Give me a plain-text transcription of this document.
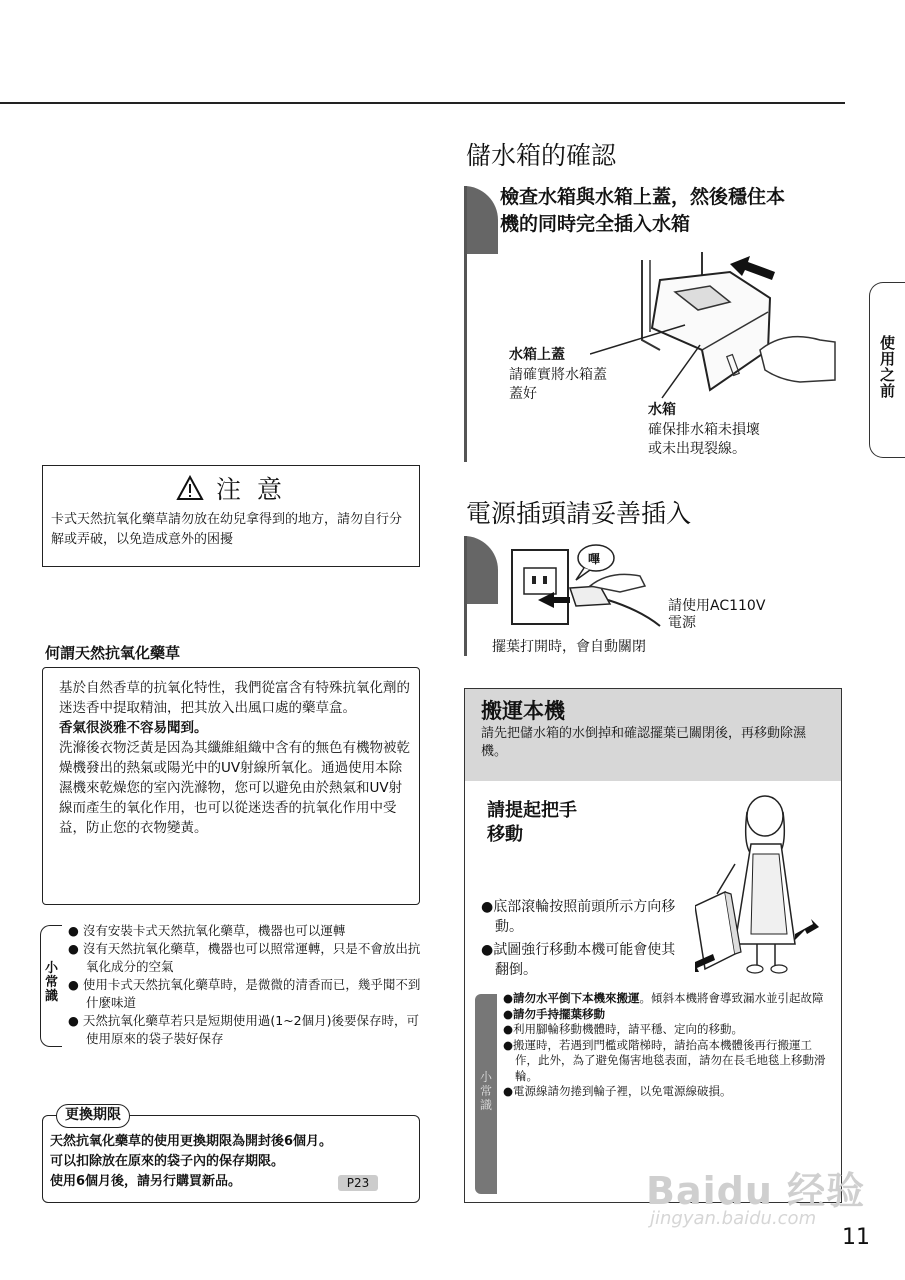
使用之前
注 意
卡式天然抗氧化藥草請勿放在幼兒拿得到的地方，請勿自行分解或弄破，以免造成意外的困擾
何謂天然抗氧化藥草
基於自然香草的抗氧化特性，我們從富含有特殊抗氧化劑的迷迭香中提取精油，把其放入出風口處的藥草盒。
香氣很淡雅不容易聞到。
洗滌後衣物泛黃是因為其纖維組織中含有的無色有機物被乾燥機發出的熱氣或陽光中的UV射線所氧化。通過使用本除濕機來乾燥您的室內洗滌物，您可以避免由於熱氣和UV射線而產生的氧化作用，也可以從迷迭香的抗氧化作用中受益，防止您的衣物變黃。
小常識
● 沒有安裝卡式天然抗氧化藥草，機器也可以運轉
● 沒有天然抗氧化藥草，機器也可以照常運轉，只是不會放出抗氧化成分的空氣
● 使用卡式天然抗氧化藥草時，是微微的清香而已，幾乎聞不到什麼味道
● 天然抗氧化藥草若只是短期使用過(1~2個月)後要保存時，可使用原來的袋子裝好保存
更換期限
天然抗氧化藥草的使用更換期限為開封後6個月。
可以扣除放在原來的袋子內的保存期限。
使用6個月後，請另行購買新品。	P23
儲水箱的確認
檢查水箱與水箱上蓋，然後穩住本
機的同時完全插入水箱
水箱上蓋
請確實將水箱蓋
蓋好
水箱
確保排水箱未損壞
或未出現裂線。
電源插頭請妥善插入
嗶
請使用AC110V
電源
擺葉打開時，會自動關閉
搬運本機
請先把儲水箱的水倒掉和確認擺葉已關閉後，再移動除濕機。
請提起把手
移動
●底部滾輪按照前頭所示方向移動。
●試圖強行移動本機可能會使其翻倒。
小常識
●請勿水平倒下本機來搬運。傾斜本機將會導致漏水並引起故障
●請勿手持擺葉移動
●利用腳輪移動機體時，請平穩、定向的移動。
●搬運時，若遇到門檻或階梯時，請抬高本機體後再行搬運工作，此外，為了避免傷害地毯表面，請勿在長毛地毯上移動滑輪。
●電源線請勿捲到輪子裡，以免電源線破損。
Baidu 经验
jingyan.baidu.com
11
